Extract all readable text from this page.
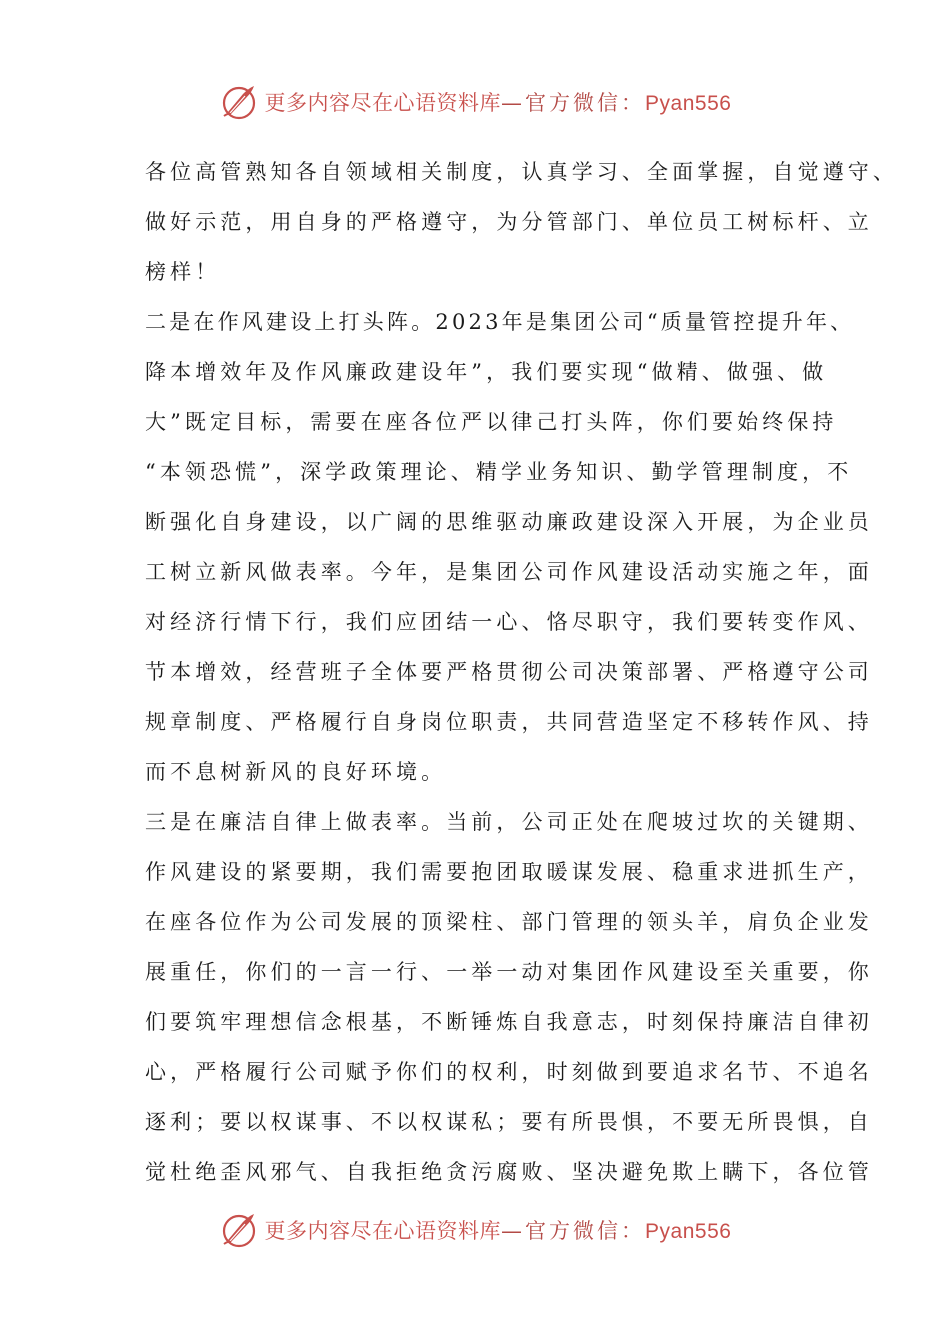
更多内容尽在心语资料库—官方微信：Pyan556
各位高管熟知各自领域相关制度，认真学习、全面掌握，自觉遵守、
做好示范，用自身的严格遵守，为分管部门、单位员工树标杆、立
榜样！
二是在作风建设上打头阵。2023年是集团公司“质量管控提升年、
降本增效年及作风廉政建设年”，我们要实现“做精、做强、做
大”既定目标，需要在座各位严以律己打头阵，你们要始终保持
“本领恐慌”，深学政策理论、精学业务知识、勤学管理制度，不
断强化自身建设，以广阔的思维驱动廉政建设深入开展，为企业员
工树立新风做表率。今年，是集团公司作风建设活动实施之年，面
对经济行情下行，我们应团结一心、恪尽职守，我们要转变作风、
节本增效，经营班子全体要严格贯彻公司决策部署、严格遵守公司
规章制度、严格履行自身岗位职责，共同营造坚定不移转作风、持
而不息树新风的良好环境。
三是在廉洁自律上做表率。当前，公司正处在爬坡过坎的关键期、
作风建设的紧要期，我们需要抱团取暖谋发展、稳重求进抓生产，
在座各位作为公司发展的顶梁柱、部门管理的领头羊，肩负企业发
展重任，你们的一言一行、一举一动对集团作风建设至关重要，你
们要筑牢理想信念根基，不断锤炼自我意志，时刻保持廉洁自律初
心，严格履行公司赋予你们的权利，时刻做到要追求名节、不追名
逐利；要以权谋事、不以权谋私；要有所畏惧，不要无所畏惧，自
觉杜绝歪风邪气、自我拒绝贪污腐败、坚决避免欺上瞒下，各位管
更多内容尽在心语资料库—官方微信：Pyan556
